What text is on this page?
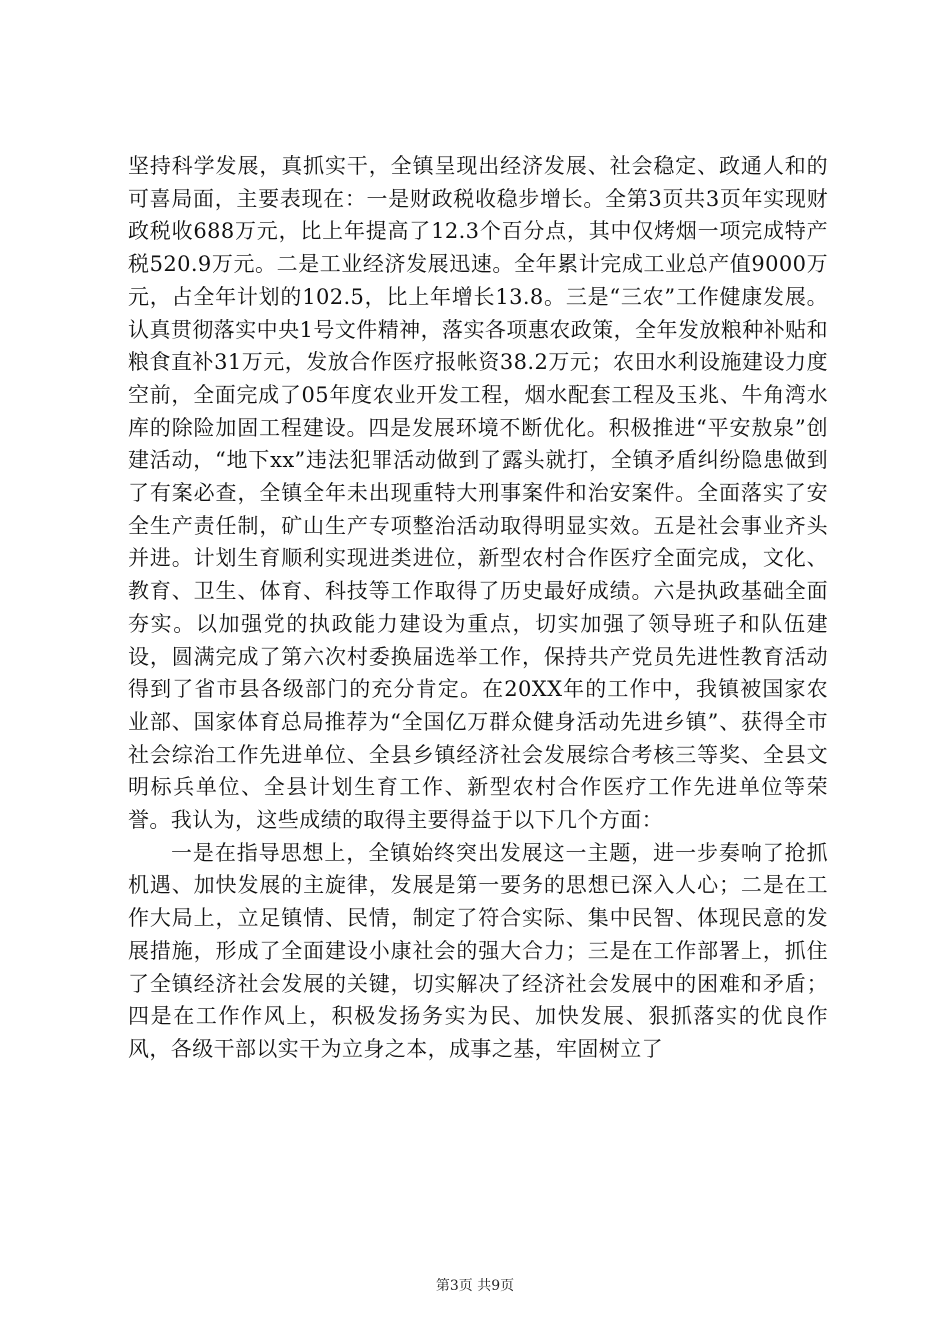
坚持科学发展，真抓实干，全镇呈现出经济发展、社会稳定、政通人和的可喜局面，主要表现在：一是财政税收稳步增长。全第3页共3页年实现财政税收688万元，比上年提高了12.3个百分点，其中仅烤烟一项完成特产税520.9万元。二是工业经济发展迅速。全年累计完成工业总产值9000万元，占全年计划的102.5，比上年增长13.8。三是“三农”工作健康发展。认真贯彻落实中央1号文件精神，落实各项惠农政策，全年发放粮种补贴和粮食直补31万元，发放合作医疗报帐资38.2万元；农田水利设施建设力度空前，全面完成了05年度农业开发工程，烟水配套工程及玉兆、牛角湾水库的除险加固工程建设。四是发展环境不断优化。积极推进“平安敖泉”创建活动，“地下xx”违法犯罪活动做到了露头就打，全镇矛盾纠纷隐患做到了有案必查，全镇全年未出现重特大刑事案件和治安案件。全面落实了安全生产责任制，矿山生产专项整治活动取得明显实效。五是社会事业齐头并进。计划生育顺利实现进类进位，新型农村合作医疗全面完成，文化、教育、卫生、体育、科技等工作取得了历史最好成绩。六是执政基础全面夯实。以加强党的执政能力建设为重点，切实加强了领导班子和队伍建设，圆满完成了第六次村委换届选举工作，保持共产党员先进性教育活动得到了省市县各级部门的充分肯定。在20XX年的工作中，我镇被国家农业部、国家体育总局推荐为“全国亿万群众健身活动先进乡镇”、获得全市社会综治工作先进单位、全县乡镇经济社会发展综合考核三等奖、全县文明标兵单位、全县计划生育工作、新型农村合作医疗工作先进单位等荣誉。我认为，这些成绩的取得主要得益于以下几个方面：

一是在指导思想上，全镇始终突出发展这一主题，进一步奏响了抢抓机遇、加快发展的主旋律，发展是第一要务的思想已深入人心；二是在工作大局上，立足镇情、民情，制定了符合实际、集中民智、体现民意的发展措施，形成了全面建设小康社会的强大合力；三是在工作部署上，抓住了全镇经济社会发展的关键，切实解决了经济社会发展中的困难和矛盾；四是在工作作风上，积极发扬务实为民、加快发展、狠抓落实的优良作风，各级干部以实干为立身之本，成事之基，牢固树立了

第3页 共9页
